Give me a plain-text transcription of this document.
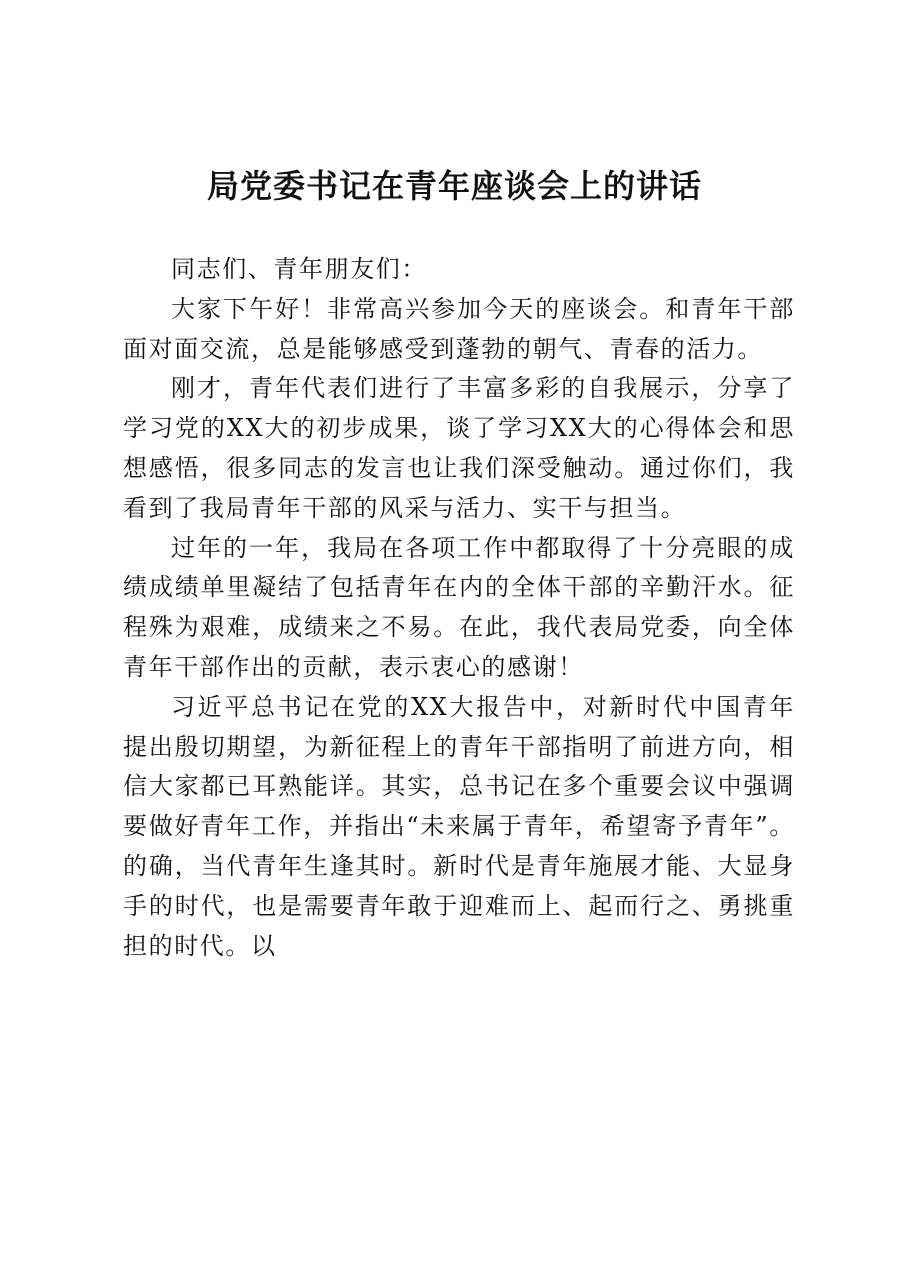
局党委书记在青年座谈会上的讲话

同志们、青年朋友们：

大家下午好！非常高兴参加今天的座谈会。和青年干部面对面交流，总是能够感受到蓬勃的朝气、青春的活力。

刚才，青年代表们进行了丰富多彩的自我展示，分享了学习党的XX大的初步成果，谈了学习XX大的心得体会和思想感悟，很多同志的发言也让我们深受触动。通过你们，我看到了我局青年干部的风采与活力、实干与担当。

过年的一年，我局在各项工作中都取得了十分亮眼的成绩成绩单里凝结了包括青年在内的全体干部的辛勤汗水。征程殊为艰难，成绩来之不易。在此，我代表局党委，向全体青年干部作出的贡献，表示衷心的感谢！

习近平总书记在党的XX大报告中，对新时代中国青年提出殷切期望，为新征程上的青年干部指明了前进方向，相信大家都已耳熟能详。其实，总书记在多个重要会议中强调要做好青年工作，并指出“未来属于青年，希望寄予青年”。的确，当代青年生逢其时。新时代是青年施展才能、大显身手的时代，也是需要青年敢于迎难而上、起而行之、勇挑重担的时代。以
